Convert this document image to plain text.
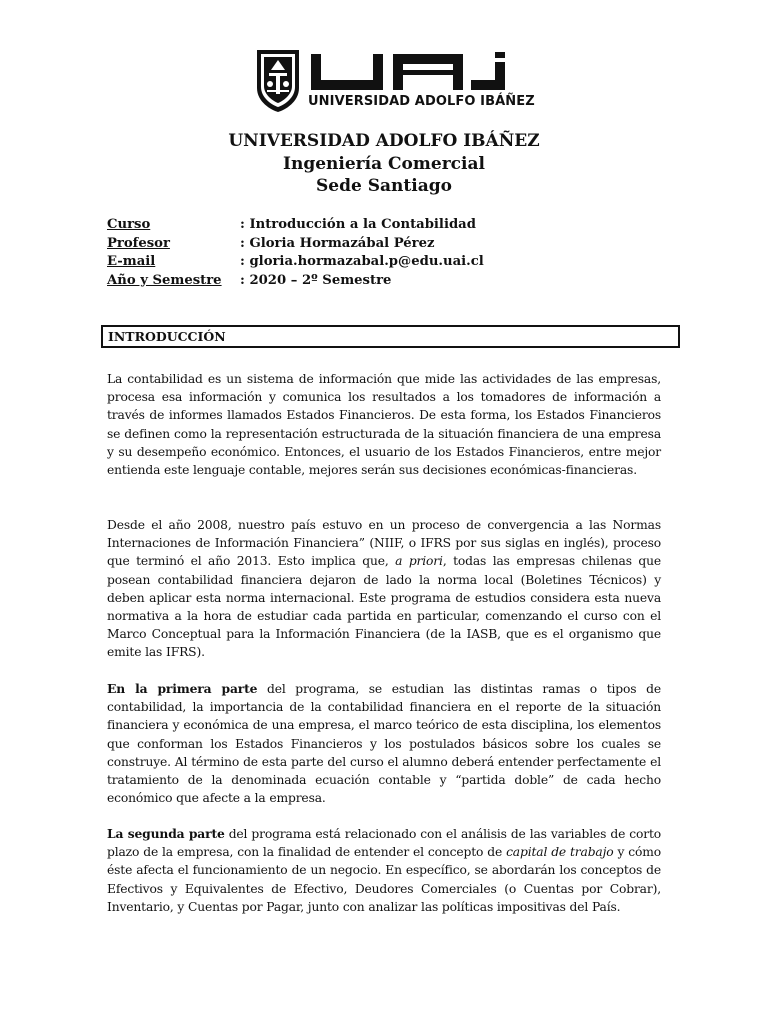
UNIVERSIDAD ADOLFO IBÁÑEZ
UNIVERSIDAD ADOLFO IBÁÑEZ
Ingeniería Comercial
Sede Santiago
Curso	: Introducción a la Contabilidad
Profesor	: Gloria Hormazábal Pérez
E-mail	: gloria.hormazabal.p@edu.uai.cl
Año y Semestre	: 2020 – 2º Semestre
INTRODUCCIÓN
La contabilidad es un sistema de información que mide las actividades de las empresas, procesa esa información y comunica los resultados a los tomadores de información a través de informes llamados Estados Financieros. De esta forma, los Estados Financieros se definen como la representación estructurada de la situación financiera de una empresa y su desempeño económico. Entonces, el usuario de los Estados Financieros, entre mejor entienda este lenguaje contable, mejores serán sus decisiones económicas-financieras.
Desde el año 2008, nuestro país estuvo en un proceso de convergencia a las Normas Internaciones de Información Financiera” (NIIF, o IFRS por sus siglas en inglés), proceso que terminó el año 2013. Esto implica que, a priori, todas las empresas chilenas que posean contabilidad financiera dejaron de lado la norma local (Boletines Técnicos) y deben aplicar esta norma internacional. Este programa de estudios considera esta nueva normativa a la hora de estudiar cada partida en particular, comenzando el curso con el Marco Conceptual para la Información Financiera (de la IASB, que es el organismo que emite las IFRS).
En la primera parte del programa, se estudian las distintas ramas o tipos de contabilidad, la importancia de la contabilidad financiera en el reporte de la situación financiera y económica de una empresa, el marco teórico de esta disciplina, los elementos que conforman los Estados Financieros y los postulados básicos sobre los cuales se construye. Al término de esta parte del curso el alumno deberá entender perfectamente el tratamiento de la denominada ecuación contable y “partida doble” de cada hecho económico que afecte a la empresa.
La segunda parte del programa está relacionado con el análisis de las variables de corto plazo de la empresa, con la finalidad de entender el concepto de capital de trabajo y cómo éste afecta el funcionamiento de un negocio. En específico, se abordarán los conceptos de Efectivos y Equivalentes de Efectivo, Deudores Comerciales (o Cuentas por Cobrar), Inventario, y Cuentas por Pagar, junto con analizar las políticas impositivas del País.
